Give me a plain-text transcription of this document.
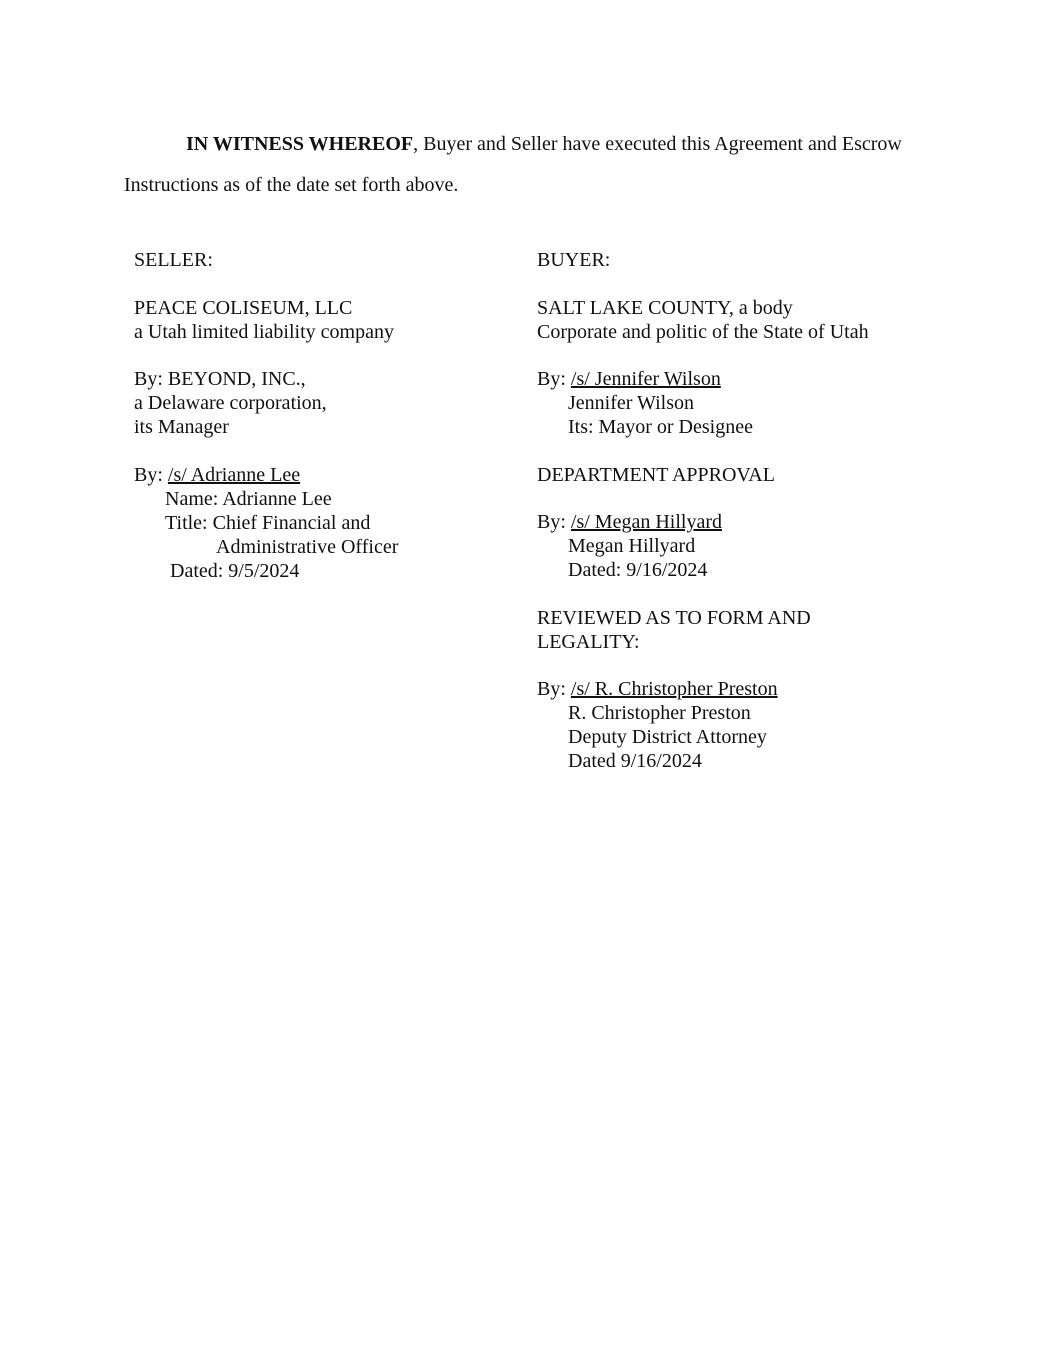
IN WITNESS WHEREOF, Buyer and Seller have executed this Agreement and Escrow
Instructions as of the date set forth above.
SELLER:
PEACE COLISEUM, LLC
a Utah limited liability company
By: BEYOND, INC.,
a Delaware corporation,
its Manager
By: /s/ Adrianne Lee
Name: Adrianne Lee
Title: Chief Financial and
Administrative Officer
Dated: 9/5/2024
BUYER:
SALT LAKE COUNTY, a body
Corporate and politic of the State of Utah
By: /s/ Jennifer Wilson
Jennifer Wilson
Its: Mayor or Designee
DEPARTMENT APPROVAL
By: /s/ Megan Hillyard
Megan Hillyard
Dated: 9/16/2024
REVIEWED AS TO FORM AND
LEGALITY:
By: /s/ R. Christopher Preston
R. Christopher Preston
Deputy District Attorney
Dated 9/16/2024
